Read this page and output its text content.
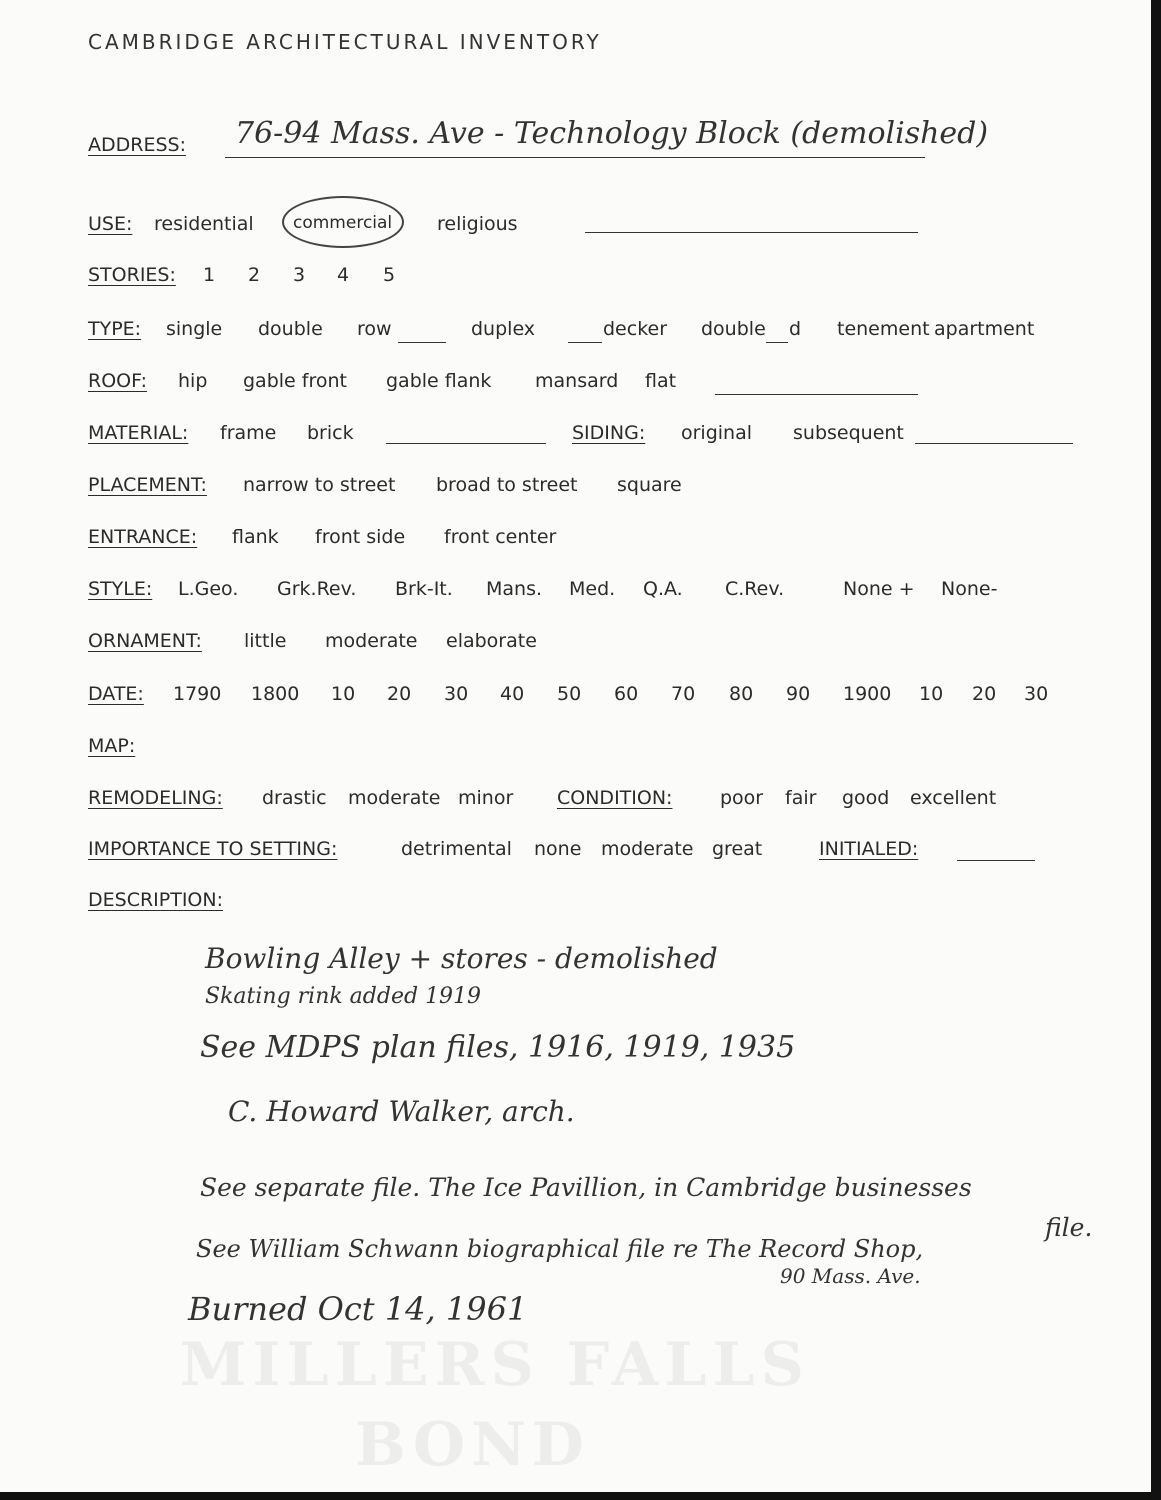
MILLERS FALLS
BOND
CAMBRIDGE ARCHITECTURAL INVENTORY
ADDRESS: 76-94 Mass. Ave - Technology Block (demolished)
USE: residential commercial religious
STORIES: 1 2 3 4 5
TYPE: single double row	duplex	decker double d tenement apartment
ROOF: hip gable front gable flank mansard flat
MATERIAL: frame brick	SIDING: original subsequent
PLACEMENT: narrow to street broad to street square
ENTRANCE: flank front side front center
STYLE: L.Geo. Grk.Rev. Brk-It. Mans. Med. Q.A. C.Rev.	None + None-
ORNAMENT: little moderate elaborate
DATE: 1790 1800 10 20 30 40 50 60 70 80 90 1900 10 20 30
MAP:
REMODELING: drastic moderate minor CONDITION:	poor fair good excellent
IMPORTANCE TO SETTING:	detrimental none moderate great	INITIALED:
DESCRIPTION:
Bowling Alley + stores - demolished
Skating rink added 1919
See MDPS plan files, 1916, 1919, 1935
C. Howard Walker, arch.
See separate file. The Ice Pavillion, in Cambridge businesses
file.
See William Schwann biographical file re The Record Shop,
90 Mass. Ave.
Burned Oct 14, 1961
